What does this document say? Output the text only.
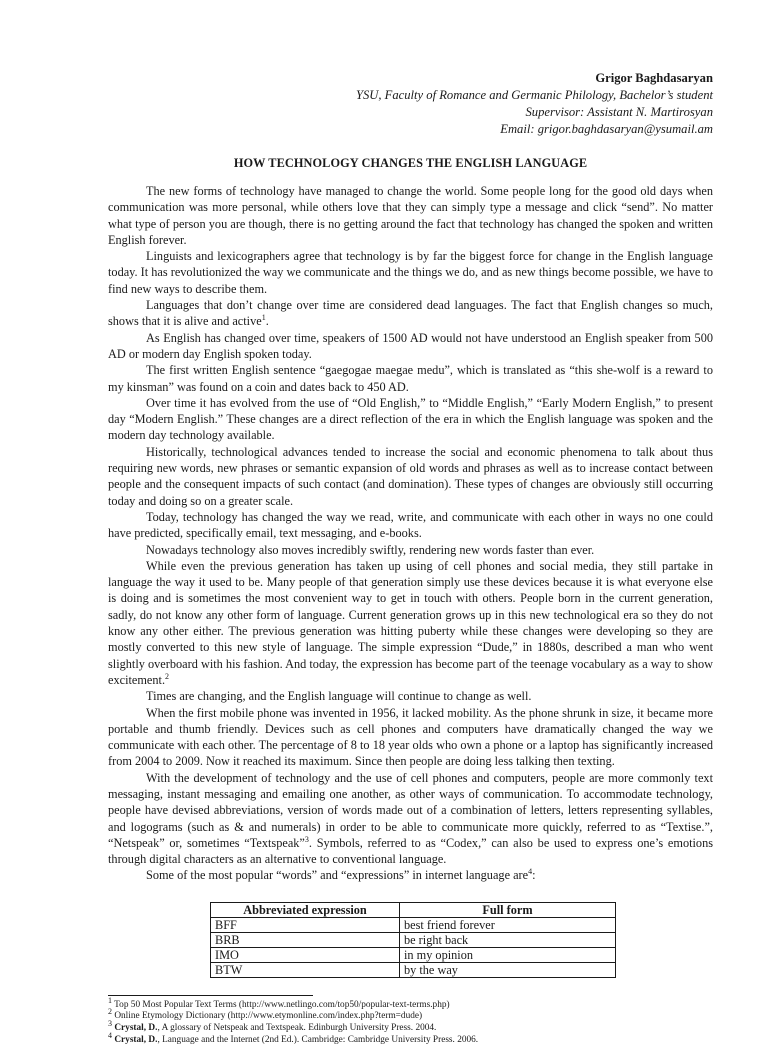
Grigor Baghdasaryan
YSU, Faculty of Romance and Germanic Philology, Bachelor’s student
Supervisor: Assistant N. Martirosyan
Email: grigor.baghdasaryan@ysumail.am
HOW TECHNOLOGY CHANGES THE ENGLISH LANGUAGE

The new forms of technology have managed to change the world. Some people long for the good old days when communication was more personal, while others love that they can simply type a message and click “send”. No matter what type of person you are though, there is no getting around the fact that technology has changed the spoken and written English forever.

Linguists and lexicographers agree that technology is by far the biggest force for change in the English language today. It has revolutionized the way we communicate and the things we do, and as new things become possible, we have to find new ways to describe them.

Languages that don’t change over time are considered dead languages. The fact that English changes so much, shows that it is alive and active$^1$.

As English has changed over time, speakers of 1500 AD would not have understood an English speaker from 500 AD or modern day English spoken today.

The first written English sentence “gaegogae maegae medu”, which is translated as “this she-wolf is a reward to my kinsman” was found on a coin and dates back to 450 AD.

Over time it has evolved from the use of “Old English,” to “Middle English,” “Early Modern English,” to present day “Modern English.” These changes are a direct reflection of the era in which the English language was spoken and the modern day technology available.

Historically, technological advances tended to increase the social and economic phenomena to talk about thus requiring new words, new phrases or semantic expansion of old words and phrases as well as to increase contact between people and the consequent impacts of such contact (and domination). These types of changes are obviously still occurring today and doing so on a greater scale.

Today, technology has changed the way we read, write, and communicate with each other in ways no one could have predicted, specifically email, text messaging, and e-books.

Nowadays technology also moves incredibly swiftly, rendering new words faster than ever.

While even the previous generation has taken up using of cell phones and social media, they still partake in language the way it used to be. Many people of that generation simply use these devices because it is what everyone else is doing and is sometimes the most convenient way to get in touch with others. People born in the current generation, sadly, do not know any other form of language. Current generation grows up in this new technological era so they do not know any other either. The previous generation was hitting puberty while these changes were developing so they are mostly converted to this new style of language. The simple expression “Dude,” in 1880s, described a man who went slightly overboard with his fashion. And today, the expression has become part of the teenage vocabulary as a way to show excitement.$^2$

Times are changing, and the English language will continue to change as well.

When the first mobile phone was invented in 1956, it lacked mobility. As the phone shrunk in size, it became more portable and thumb friendly. Devices such as cell phones and computers have dramatically changed the way we communicate with each other. The percentage of 8 to 18 year olds who own a phone or a laptop has significantly increased from 2004 to 2009. Now it reached its maximum. Since then people are doing less talking then texting.

With the development of technology and the use of cell phones and computers, people are more commonly text messaging, instant messaging and emailing one another, as other ways of communication. To accommodate technology, people have devised abbreviations, version of words made out of a combination of letters, letters representing syllables, and logograms (such as & and numerals) in order to be able to communicate more quickly, referred to as “Textise.”, “Netspeak” or, sometimes “Textspeak”$^3$. Symbols, referred to as “Codex,” can also be used to express one’s emotions through digital characters as an alternative to conventional language.

Some of the most popular “words” and “expressions” in internet language are$^4$:

Abbreviated expression	Full form
BFF	best friend forever
BRB	be right back
IMO	in my opinion
BTW	by the way
$^1$ Top 50 Most Popular Text Terms (http://www.netlingo.com/top50/popular-text-terms.php)
$^2$ Online Etymology Dictionary (http://www.etymonline.com/index.php?term=dude)
$^3$ Crystal, D., A glossary of Netspeak and Textspeak. Edinburgh University Press. 2004.
$^4$ Crystal, D., Language and the Internet (2nd Ed.). Cambridge: Cambridge University Press. 2006.
